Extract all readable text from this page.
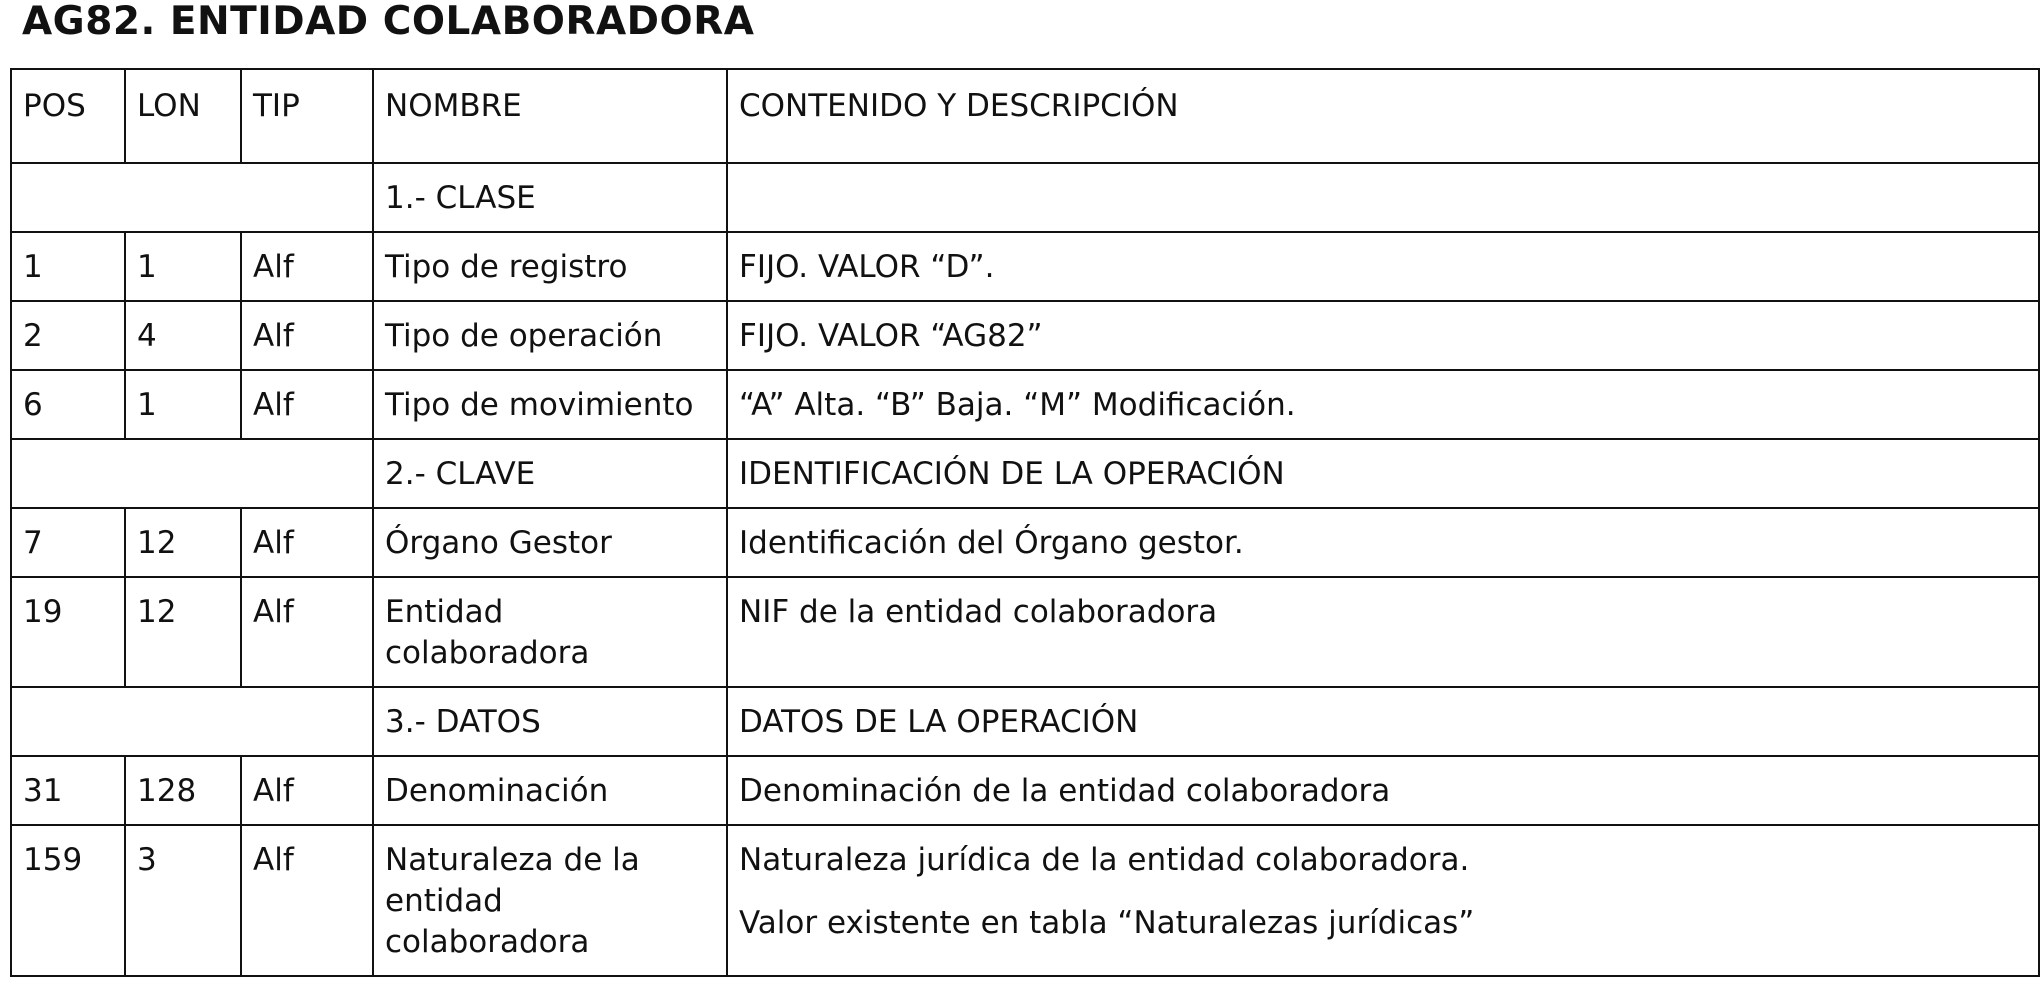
AG82. ENTIDAD COLABORADORA
POS	LON	TIP	NOMBRE	CONTENIDO Y DESCRIPCIÓN
			1.- CLASE	
1	1	Alf	Tipo de registro	FIJO. VALOR “D”.

2	4	Alf	Tipo de operación	FIJO. VALOR “AG82”

6	1	Alf	Tipo de movimiento	“A” Alta. “B” Baja. “M” Modificación.

			2.- CLAVE	IDENTIFICACIÓN DE LA OPERACIÓN
7	12	Alf	Órgano Gestor	Identificación del Órgano gestor.

19	12	Alf	Entidad colaboradora	NIF de la entidad colaboradora

			3.- DATOS	DATOS DE LA OPERACIÓN
31	128	Alf	Denominación	Denominación de la entidad colaboradora

159	3	Alf	Naturaleza de la entidad colaboradora	Naturaleza jurídica de la entidad colaboradora.
Valor existente en tabla “Naturalezas jurídicas”
